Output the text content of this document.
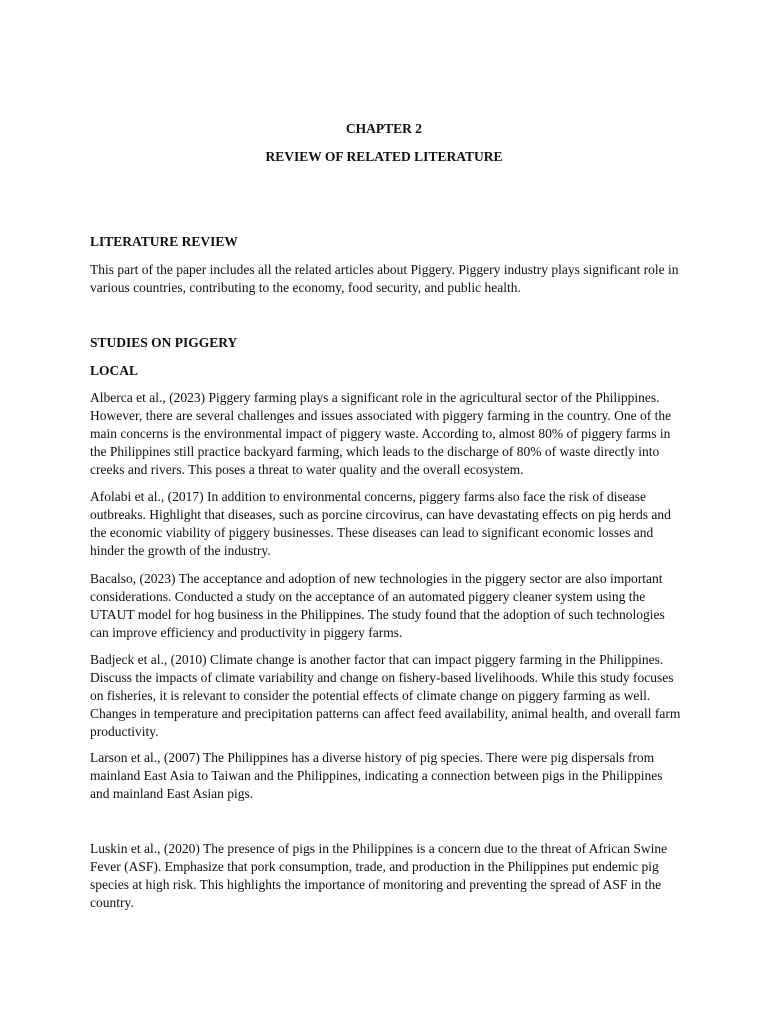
CHAPTER 2
REVIEW OF RELATED LITERATURE
LITERATURE REVIEW

This part of the paper includes all the related articles about Piggery. Piggery industry plays significant role in various countries, contributing to the economy, food security, and public health.

STUDIES ON PIGGERY
LOCAL

Alberca et al., (2023) Piggery farming plays a significant role in the agricultural sector of the Philippines. However, there are several challenges and issues associated with piggery farming in the country. One of the main concerns is the environmental impact of piggery waste. According to, almost 80% of piggery farms in the Philippines still practice backyard farming, which leads to the discharge of 80% of waste directly into creeks and rivers. This poses a threat to water quality and the overall ecosystem.

Afolabi et al., (2017) In addition to environmental concerns, piggery farms also face the risk of disease outbreaks. Highlight that diseases, such as porcine circovirus, can have devastating effects on pig herds and the economic viability of piggery businesses. These diseases can lead to significant economic losses and hinder the growth of the industry.

Bacalso, (2023) The acceptance and adoption of new technologies in the piggery sector are also important considerations. Conducted a study on the acceptance of an automated piggery cleaner system using the UTAUT model for hog business in the Philippines. The study found that the adoption of such technologies can improve efficiency and productivity in piggery farms.

Badjeck et al., (2010) Climate change is another factor that can impact piggery farming in the Philippines. Discuss the impacts of climate variability and change on fishery-based livelihoods. While this study focuses on fisheries, it is relevant to consider the potential effects of climate change on piggery farming as well. Changes in temperature and precipitation patterns can affect feed availability, animal health, and overall farm productivity.

Larson et al., (2007) The Philippines has a diverse history of pig species. There were pig dispersals from mainland East Asia to Taiwan and the Philippines, indicating a connection between pigs in the Philippines and mainland East Asian pigs.

Luskin et al., (2020) The presence of pigs in the Philippines is a concern due to the threat of African Swine Fever (ASF). Emphasize that pork consumption, trade, and production in the Philippines put endemic pig species at high risk. This highlights the importance of monitoring and preventing the spread of ASF in the country.
